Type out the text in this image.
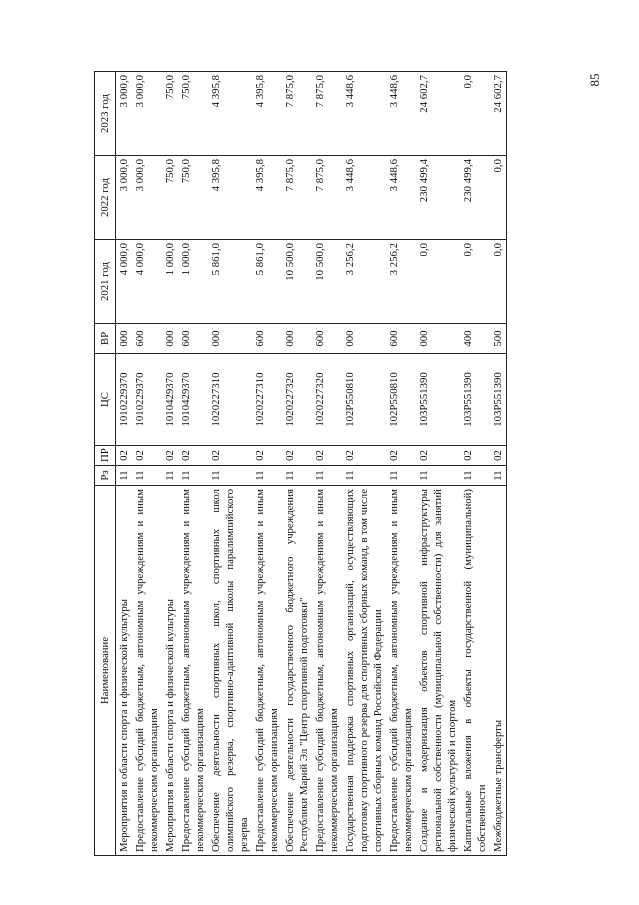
85
Наименование	Рз	ПР	ЦС	ВР	2021 год	2022 год	2023 год
Мероприятия в области спорта и физической культуры	11	02	1010229370	000	4 000,0	3 000,0	3 000,0
Предоставление субсидий бюджетным, автономным учреждениям и иным некоммерческим организациям	11	02	1010229370	600	4 000,0	3 000,0	3 000,0
Мероприятия в области спорта и физической культуры	11	02	1010429370	000	1 000,0	750,0	750,0
Предоставление субсидий бюджетным, автономным учреждениям и иным некоммерческим организациям	11	02	1010429370	600	1 000,0	750,0	750,0
Обеспечение деятельности спортивных школ, спортивных школ олимпийского резерва, спортивно-адаптивной школы паралимпийского резерва	11	02	1020227310	000	5 861,0	4 395,8	4 395,8
Предоставление субсидий бюджетным, автономным учреждениям и иным некоммерческим организациям	11	02	1020227310	600	5 861,0	4 395,8	4 395,8
Обеспечение деятельности государственного бюджетного учреждения Республики Марий Эл "Центр спортивной подготовки"	11	02	1020227320	000	10 500,0	7 875,0	7 875,0
Предоставление субсидий бюджетным, автономным учреждениям и иным некоммерческим организациям	11	02	1020227320	600	10 500,0	7 875,0	7 875,0
Государственная поддержка спортивных организаций, осуществляющих подготовку спортивного резерва для спортивных сборных команд, в том числе спортивных сборных команд Российской Федерации	11	02	102P550810	000	3 256,2	3 448,6	3 448,6
Предоставление субсидий бюджетным, автономным учреждениям и иным некоммерческим организациям	11	02	102P550810	600	3 256,2	3 448,6	3 448,6
Создание и модернизация объектов спортивной инфраструктуры региональной собственности (муниципальной собственности) для занятий физической культурой и спортом	11	02	103P551390	000	0,0	230 499,4	24 602,7
Капитальные вложения в объекты государственной (муниципальной) собственности	11	02	103P551390	400	0,0	230 499,4	0,0
Межбюджетные трансферты	11	02	103P551390	500	0,0	0,0	24 602,7
